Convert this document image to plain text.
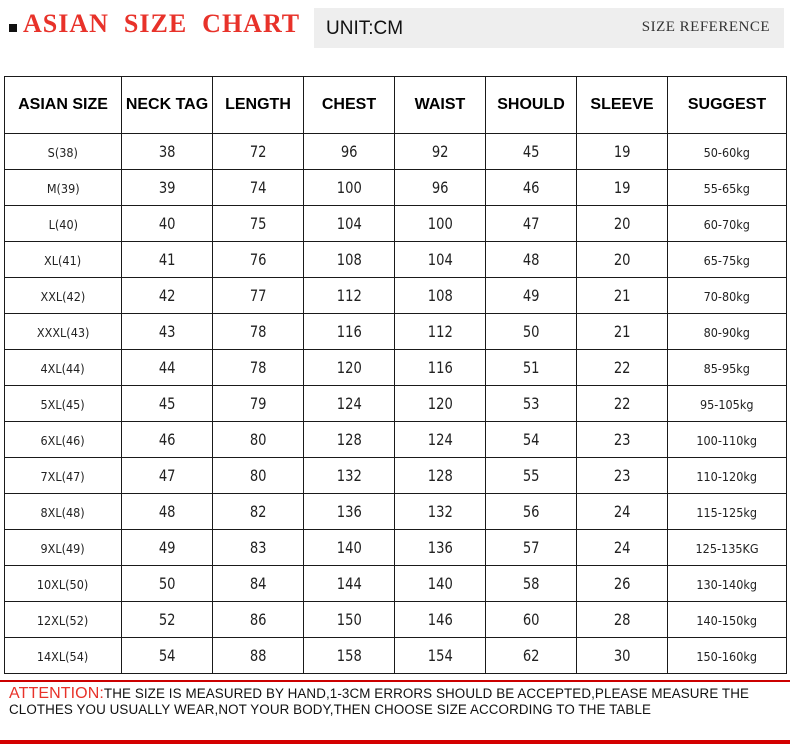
ASIAN  SIZE  CHART UNIT:CM	SIZE REFERENCE
ASIAN SIZE	NECK TAG	LENGTH	CHEST	WAIST	SHOULD	SLEEVE	SUGGEST
S(38)	38	72	96	92	45	19	50-60kg
M(39)	39	74	100	96	46	19	55-65kg
L(40)	40	75	104	100	47	20	60-70kg
XL(41)	41	76	108	104	48	20	65-75kg
XXL(42)	42	77	112	108	49	21	70-80kg
XXXL(43)	43	78	116	112	50	21	80-90kg
4XL(44)	44	78	120	116	51	22	85-95kg
5XL(45)	45	79	124	120	53	22	95-105kg
6XL(46)	46	80	128	124	54	23	100-110kg
7XL(47)	47	80	132	128	55	23	110-120kg
8XL(48)	48	82	136	132	56	24	115-125kg
9XL(49)	49	83	140	136	57	24	125-135KG
10XL(50)	50	84	144	140	58	26	130-140kg
12XL(52)	52	86	150	146	60	28	140-150kg
14XL(54)	54	88	158	154	62	30	150-160kg
ATTENTION:THE SIZE IS MEASURED BY HAND,1-3CM ERRORS SHOULD BE ACCEPTED,PLEASE MEASURE THE CLOTHES YOU USUALLY WEAR,NOT YOUR BODY,THEN CHOOSE SIZE ACCORDING TO THE TABLE
